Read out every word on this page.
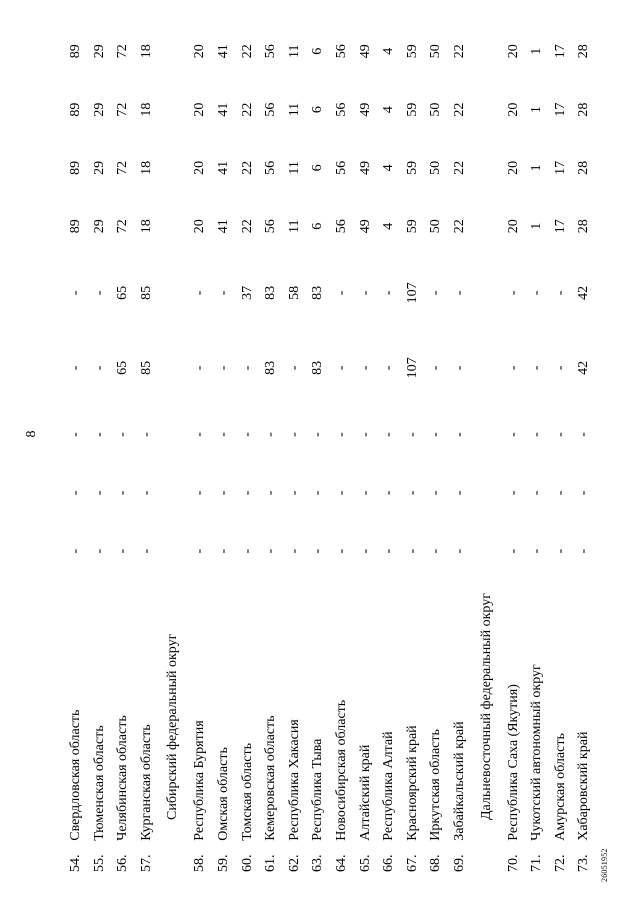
8
54.	Свердловская область	-	-	-	-	-	89	89	89	89
55.	Тюменская область	-	-	-	-	-	29	29	29	29
56.	Челябинская область	-	-	-	65	65	72	72	72	72
57.	Курганская область	-	-	-	85	85	18	18	18	18
Сибирский федеральный округ										
58.	Республика Бурятия	-	-	-	-	-	20	20	20	20
59.	Омская область	-	-	-	-	-	41	41	41	41
60.	Томская область	-	-	-	-	37	22	22	22	22
61.	Кемеровская область	-	-	-	83	83	56	56	56	56
62.	Республика Хакасия	-	-	-	-	58	11	11	11	11
63.	Республика Тыва	-	-	-	83	83	6	6	6	6
64.	Новосибирская область	-	-	-	-	-	56	56	56	56
65.	Алтайский край	-	-	-	-	-	49	49	49	49
66.	Республика Алтай	-	-	-	-	-	4	4	4	4
67.	Красноярский край	-	-	-	107	107	59	59	59	59
68.	Иркутская область	-	-	-	-	-	50	50	50	50
69.	Забайкальский край	-	-	-	-	-	22	22	22	22
Дальневосточный федеральный округ										
70.	Республика Саха (Якутия)	-	-	-	-	-	20	20	20	20
71.	Чукотский автономный округ	-	-	-	-	-	1	1	1	1
72.	Амурская область	-	-	-	-	-	17	17	17	17
73.	Хабаровский край	-	-	-	42	42	28	28	28	28
26051952
